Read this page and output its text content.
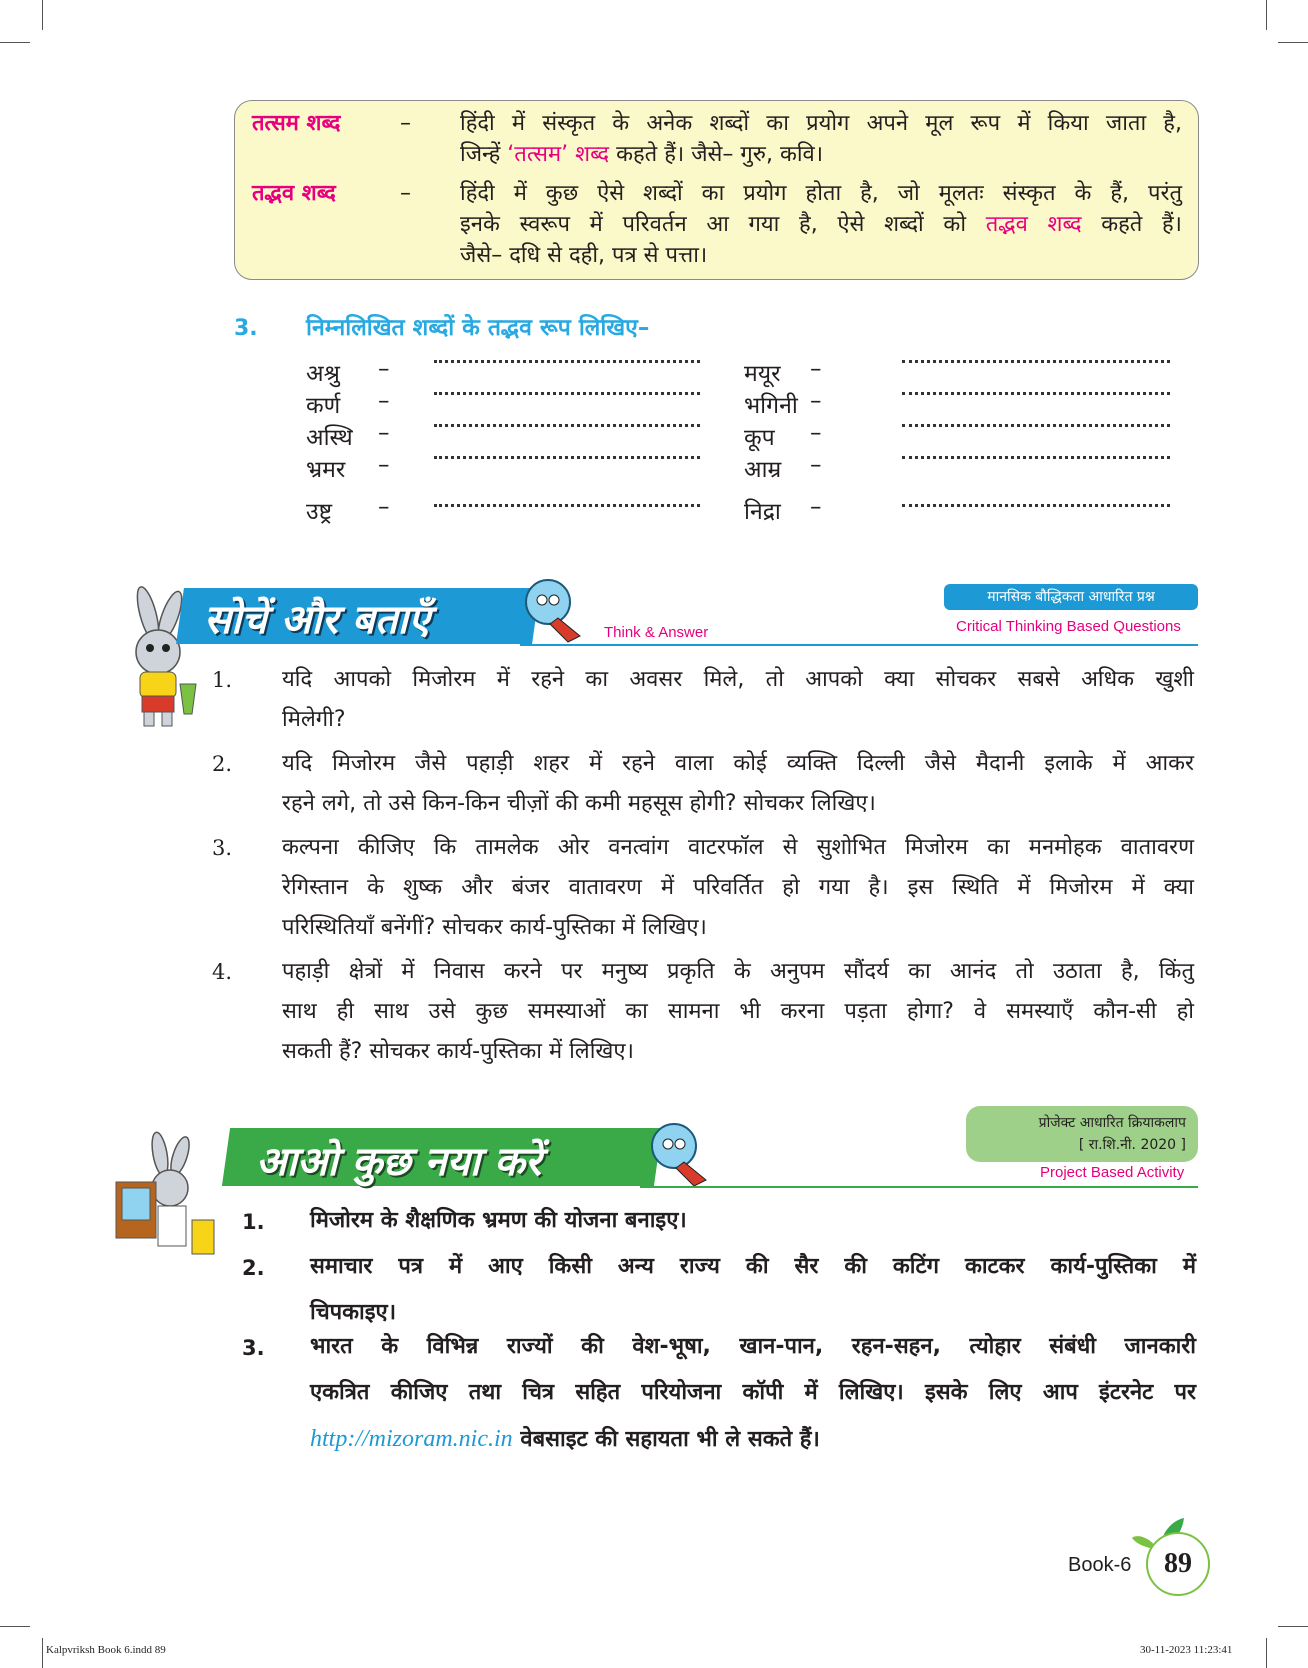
तत्सम शब्द	– हिंदी में संस्कृत के अनेक शब्दों का प्रयोग अपने मूल रूप में किया जाता है,
जिन्हें ‘तत्सम’ शब्द कहते हैं। जैसे– गुरु, कवि।
तद्भव शब्द	– हिंदी में कुछ ऐसे शब्दों का प्रयोग होता है, जो मूलतः संस्कृत के हैं, परंतु
इनके स्वरूप में परिवर्तन आ गया है, ऐसे शब्दों को तद्भव शब्द कहते हैं।
जैसे– दधि से दही, पत्र से पत्ता।
3. निम्नलिखित शब्दों के तद्भव रूप लिखिए–
अश्रु –
कर्ण –
अस्थि –
भ्रमर –
उष्ट्र –
मयूर –
भगिनी –
कूप –
आम्र –
निद्रा –
सोचें और बताएँ	Think & Answer
मानसिक बौद्धिकता आधारित प्रश्न
Critical Thinking Based Questions
1. यदि आपको मिजोरम में रहने का अवसर मिले, तो आपको क्या सोचकर सबसे अधिक खुशी
मिलेगी?
2. यदि मिजोरम जैसे पहाड़ी शहर में रहने वाला कोई व्यक्ति दिल्ली जैसे मैदानी इलाके में आकर
रहने लगे, तो उसे किन-किन चीज़ों की कमी महसूस होगी? सोचकर लिखिए।
3. कल्पना कीजिए कि तामलेक ओर वनत्वांग वाटरफॉल से सुशोभित मिजोरम का मनमोहक वातावरण
रेगिस्तान के शुष्क और बंजर वातावरण में परिवर्तित हो गया है। इस स्थिति में मिजोरम में क्या
परिस्थितियाँ बनेंगीं? सोचकर कार्य-पुस्तिका में लिखिए।
4. पहाड़ी क्षेत्रों में निवास करने पर मनुष्य प्रकृति के अनुपम सौंदर्य का आनंद तो उठाता है, किंतु
साथ ही साथ उसे कुछ समस्याओं का सामना भी करना पड़ता होगा? वे समस्याएँ कौन-सी हो
सकती हैं? सोचकर कार्य-पुस्तिका में लिखिए।
आओ कुछ नया करें
प्रोजेक्ट आधारित क्रियाकलाप
[ रा.शि.नी. 2020 ]
Project Based Activity
1. मिजोरम के शैक्षणिक भ्रमण की योजना बनाइए।
2. समाचार पत्र में आए किसी अन्य राज्य की सैर की कटिंग काटकर कार्य-पुस्तिका में
चिपकाइए।
3. भारत के विभिन्न राज्यों की वेश-भूषा, खान-पान, रहन-सहन, त्योहार संबंधी जानकारी
एकत्रित कीजिए तथा चित्र सहित परियोजना कॉपी में लिखिए। इसके लिए आप इंटरनेट पर
http://mizoram.nic.in वेबसाइट की सहायता भी ले सकते हैं।
Book-6	89
Kalpvriksh Book 6.indd 89	30-11-2023 11:23:41
